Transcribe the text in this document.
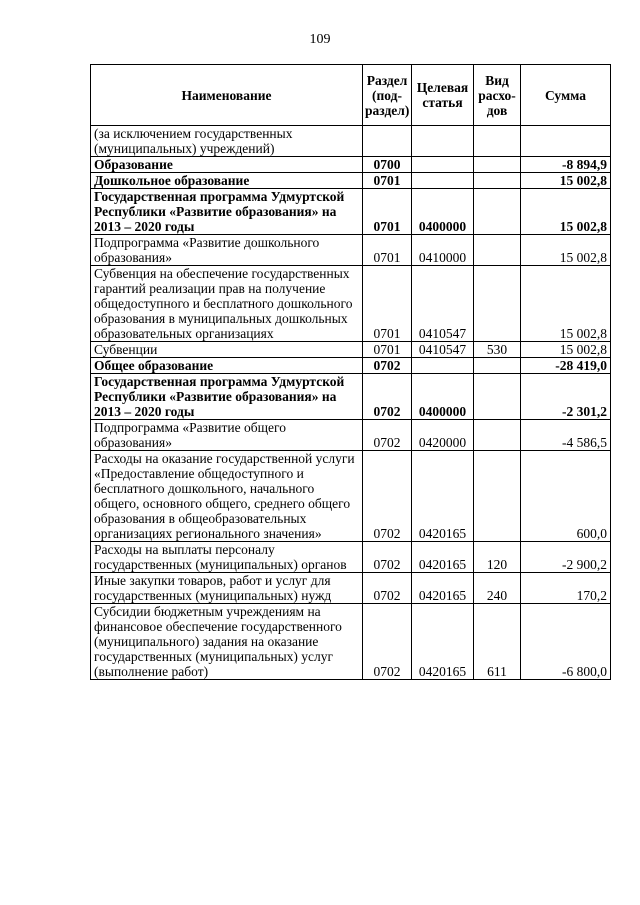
109
Наименование	Раздел (под-раздел)	Целевая статья	Вид расхо-дов	Сумма
(за исключением государственных (муниципальных) учреждений)				
Образование	0700			-8 894,9
Дошкольное образование	0701			15 002,8
Государственная программа Удмуртской Республики «Развитие образования» на 2013 – 2020 годы	0701	0400000		15 002,8
Подпрограмма «Развитие дошкольного образования»	0701	0410000		15 002,8
Субвенция на обеспечение государственных гарантий реализации прав на получение общедоступного и бесплатного дошкольного образования в муниципальных дошкольных образовательных организациях	0701	0410547		15 002,8
Субвенции	0701	0410547	530	15 002,8
Общее образование	0702			-28 419,0
Государственная программа Удмуртской Республики «Развитие образования» на 2013 – 2020 годы	0702	0400000		-2 301,2
Подпрограмма «Развитие общего образования»	0702	0420000		-4 586,5
Расходы на оказание государственной услуги «Предоставление общедоступного и бесплатного дошкольного, начального общего, основного общего, среднего общего образования в общеобразовательных организациях регионального значения»	0702	0420165		600,0
Расходы на выплаты персоналу государственных (муниципальных) органов	0702	0420165	120	-2 900,2
Иные закупки товаров, работ и услуг для государственных (муниципальных) нужд	0702	0420165	240	170,2
Субсидии бюджетным учреждениям на финансовое обеспечение государственного (муниципального) задания на оказание государственных (муниципальных) услуг (выполнение работ)	0702	0420165	611	-6 800,0
